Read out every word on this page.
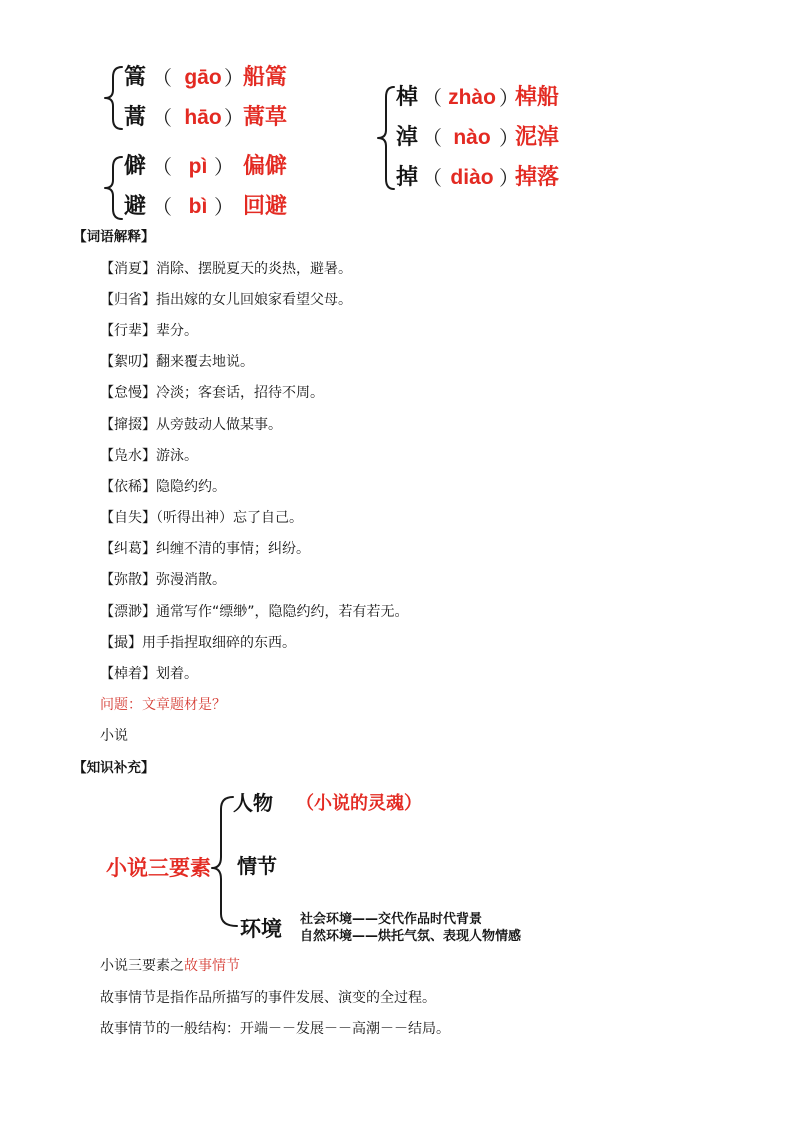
篙 （ gāo ） 船篙
蒿 （ hāo ） 蒿草
僻 （ pì ） 偏僻
避 （ bì ） 回避
棹 （ zhào ）
棹船
淖 （ nào ）
泥淖
掉 （ diào ）
掉落
【词语解释】
【消夏】消除、摆脱夏天的炎热，避暑。
【归省】指出嫁的女儿回娘家看望父母。
【行辈】辈分。
【絮叨】翻来覆去地说。
【怠慢】冷淡；客套话，招待不周。
【撺掇】从旁鼓动人做某事。
【凫水】游泳。
【依稀】隐隐约约。
【自失】（听得出神）忘了自己。
【纠葛】纠缠不清的事情；纠纷。
【弥散】弥漫消散。
【漂渺】通常写作“缥缈”，隐隐约约，若有若无。
【撮】用手指捏取细碎的东西。
【棹着】划着。
问题：文章题材是？
小说
【知识补充】
小说三要素
人物 （小说的灵魂）
情节
环境 社会环境——交代作品时代背景
自然环境——烘托气氛、表现人物情感
小说三要素之故事情节
故事情节是指作品所描写的事件发展、演变的全过程。
故事情节的一般结构：开端－－发展－－高潮－－结局。
